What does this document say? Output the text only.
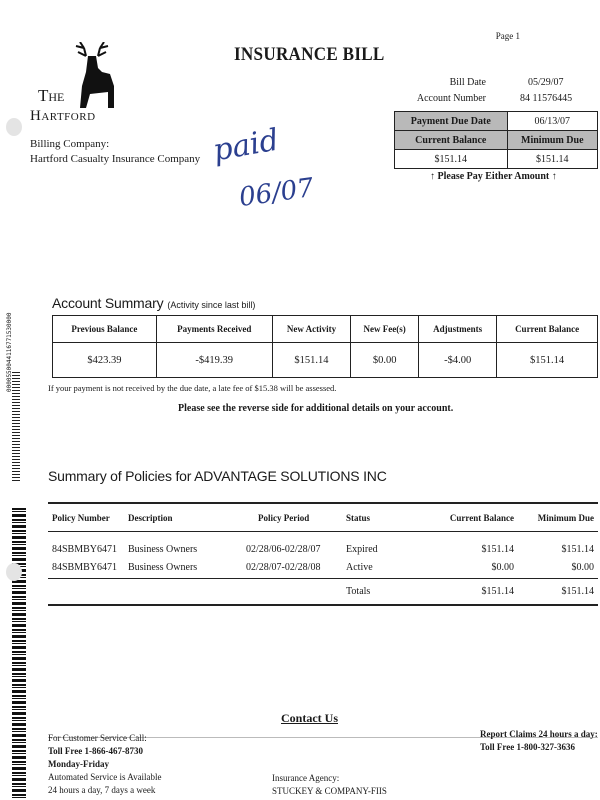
Page 1
INSURANCE BILL
The
Hartford
Billing Company:
Hartford Casualty Insurance Company paid
06/07
Bill Date	05/29/07
Account Number	84 11576445
Payment Due Date	06/13/07
Current Balance	Minimum Due
$151.14	$151.14
↑ Please Pay Either Amount ↑
Account Summary (Activity since last bill)
Previous Balance	Payments Received	New Activity	New Fee(s)	Adjustments	Current Balance
$423.39	-$419.39	$151.14	$0.00	-$4.00	$151.14
If your payment is not received by the due date, a late fee of $15.38 will be assessed.
Please see the reverse side for additional details on your account.
0000550044116771530000
Summary of Policies for ADVANTAGE SOLUTIONS INC
Policy Number Description	Policy Period	Status	Current Balance	Minimum Due
84SBMBY6471 Business Owners	02/28/06-02/28/07	Expired	$151.14	$151.14
84SBMBY6471 Business Owners	02/28/07-02/28/08	Active	$0.00	$0.00
Totals	$151.14	$151.14
Contact Us
For Customer Service Call:
Toll Free 1-866-467-8730
Monday-Friday
Automated Service is Available
24 hours a day, 7 days a week
Insurance Agency:
STUCKEY & COMPANY-FIIS
Report Claims 24 hours a day:
Toll Free 1-800-327-3636
